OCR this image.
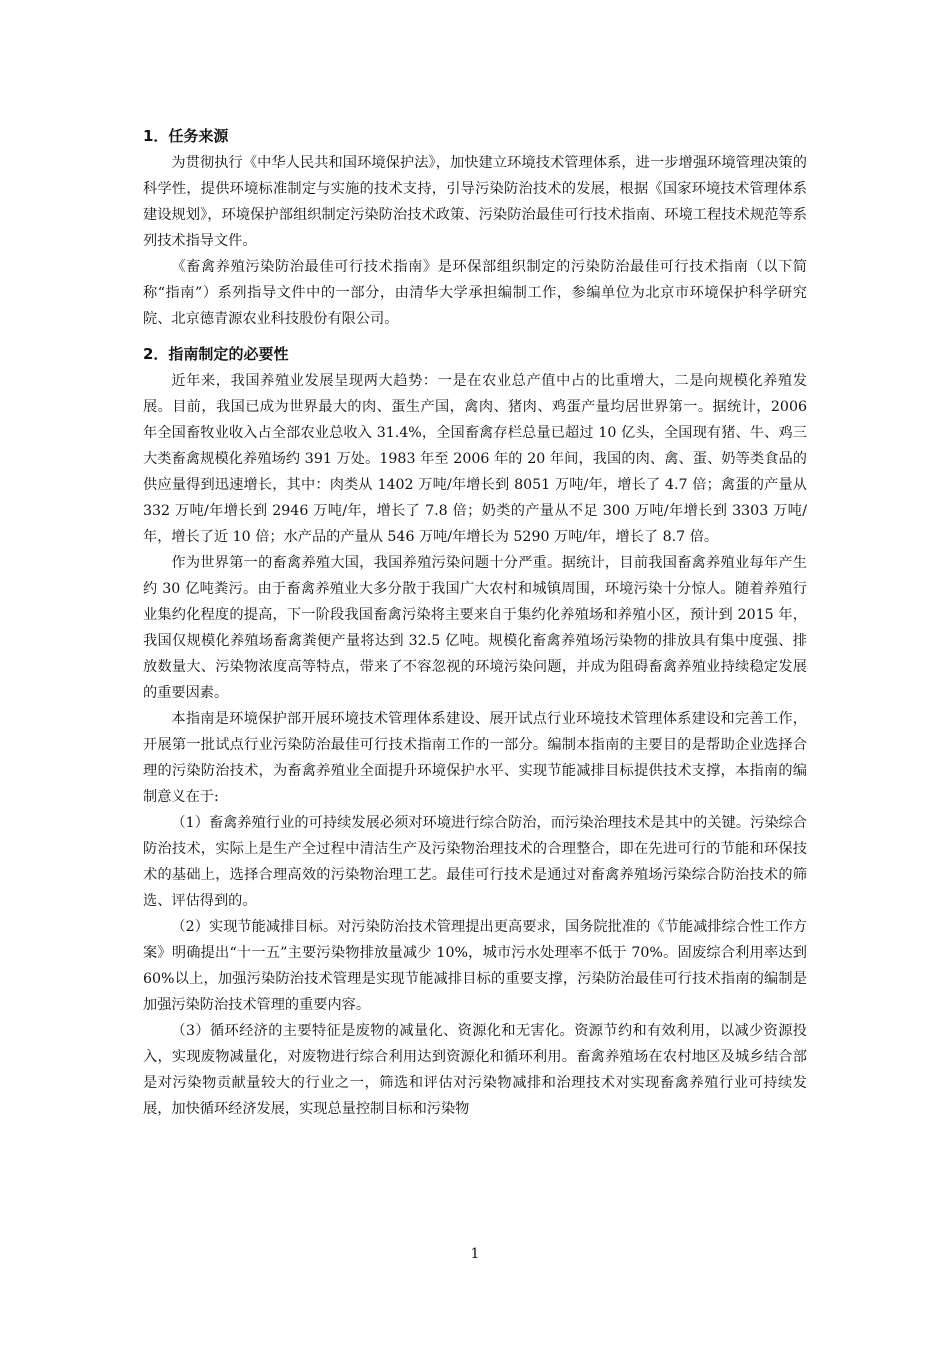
1．任务来源

为贯彻执行《中华人民共和国环境保护法》，加快建立环境技术管理体系，进一步增强环境管理决策的科学性，提供环境标准制定与实施的技术支持，引导污染防治技术的发展，根据《国家环境技术管理体系建设规划》，环境保护部组织制定污染防治技术政策、污染防治最佳可行技术指南、环境工程技术规范等系列技术指导文件。

《畜禽养殖污染防治最佳可行技术指南》是环保部组织制定的污染防治最佳可行技术指南（以下简称“指南”）系列指导文件中的一部分，由清华大学承担编制工作，参编单位为北京市环境保护科学研究院、北京德青源农业科技股份有限公司。

2．指南制定的必要性

近年来，我国养殖业发展呈现两大趋势：一是在农业总产值中占的比重增大，二是向规模化养殖发展。目前，我国已成为世界最大的肉、蛋生产国，禽肉、猪肉、鸡蛋产量均居世界第一。据统计，2006 年全国畜牧业收入占全部农业总收入 31.4%，全国畜禽存栏总量已超过 10 亿头，全国现有猪、牛、鸡三大类畜禽规模化养殖场约 391 万处。1983 年至 2006 年的 20 年间，我国的肉、禽、蛋、奶等类食品的供应量得到迅速增长，其中：肉类从 1402 万吨/年增长到 8051 万吨/年，增长了 4.7 倍；禽蛋的产量从 332 万吨/年增长到 2946 万吨/年，增长了 7.8 倍；奶类的产量从不足 300 万吨/年增长到 3303 万吨/年，增长了近 10 倍；水产品的产量从 546 万吨/年增长为 5290 万吨/年，增长了 8.7 倍。

作为世界第一的畜禽养殖大国，我国养殖污染问题十分严重。据统计，目前我国畜禽养殖业每年产生约 30 亿吨粪污。由于畜禽养殖业大多分散于我国广大农村和城镇周围，环境污染十分惊人。随着养殖行业集约化程度的提高，下一阶段我国畜禽污染将主要来自于集约化养殖场和养殖小区，预计到 2015 年，我国仅规模化养殖场畜禽粪便产量将达到 32.5 亿吨。规模化畜禽养殖场污染物的排放具有集中度强、排放数量大、污染物浓度高等特点，带来了不容忽视的环境污染问题，并成为阻碍畜禽养殖业持续稳定发展的重要因素。

本指南是环境保护部开展环境技术管理体系建设、展开试点行业环境技术管理体系建设和完善工作，开展第一批试点行业污染防治最佳可行技术指南工作的一部分。编制本指南的主要目的是帮助企业选择合理的污染防治技术，为畜禽养殖业全面提升环境保护水平、实现节能减排目标提供技术支撑，本指南的编制意义在于:

（1）畜禽养殖行业的可持续发展必须对环境进行综合防治，而污染治理技术是其中的关键。污染综合防治技术，实际上是生产全过程中清洁生产及污染物治理技术的合理整合，即在先进可行的节能和环保技术的基础上，选择合理高效的污染物治理工艺。最佳可行技术是通过对畜禽养殖场污染综合防治技术的筛选、评估得到的。

（2）实现节能减排目标。对污染防治技术管理提出更高要求，国务院批准的《节能减排综合性工作方案》明确提出“十一五”主要污染物排放量减少 10%，城市污水处理率不低于 70%。固废综合利用率达到 60%以上，加强污染防治技术管理是实现节能减排目标的重要支撑，污染防治最佳可行技术指南的编制是加强污染防治技术管理的重要内容。

（3）循环经济的主要特征是废物的减量化、资源化和无害化。资源节约和有效利用，以减少资源投入，实现废物减量化，对废物进行综合利用达到资源化和循环利用。畜禽养殖场在农村地区及城乡结合部是对污染物贡献量较大的行业之一，筛选和评估对污染物减排和治理技术对实现畜禽养殖行业可持续发展，加快循环经济发展，实现总量控制目标和污染物

1
